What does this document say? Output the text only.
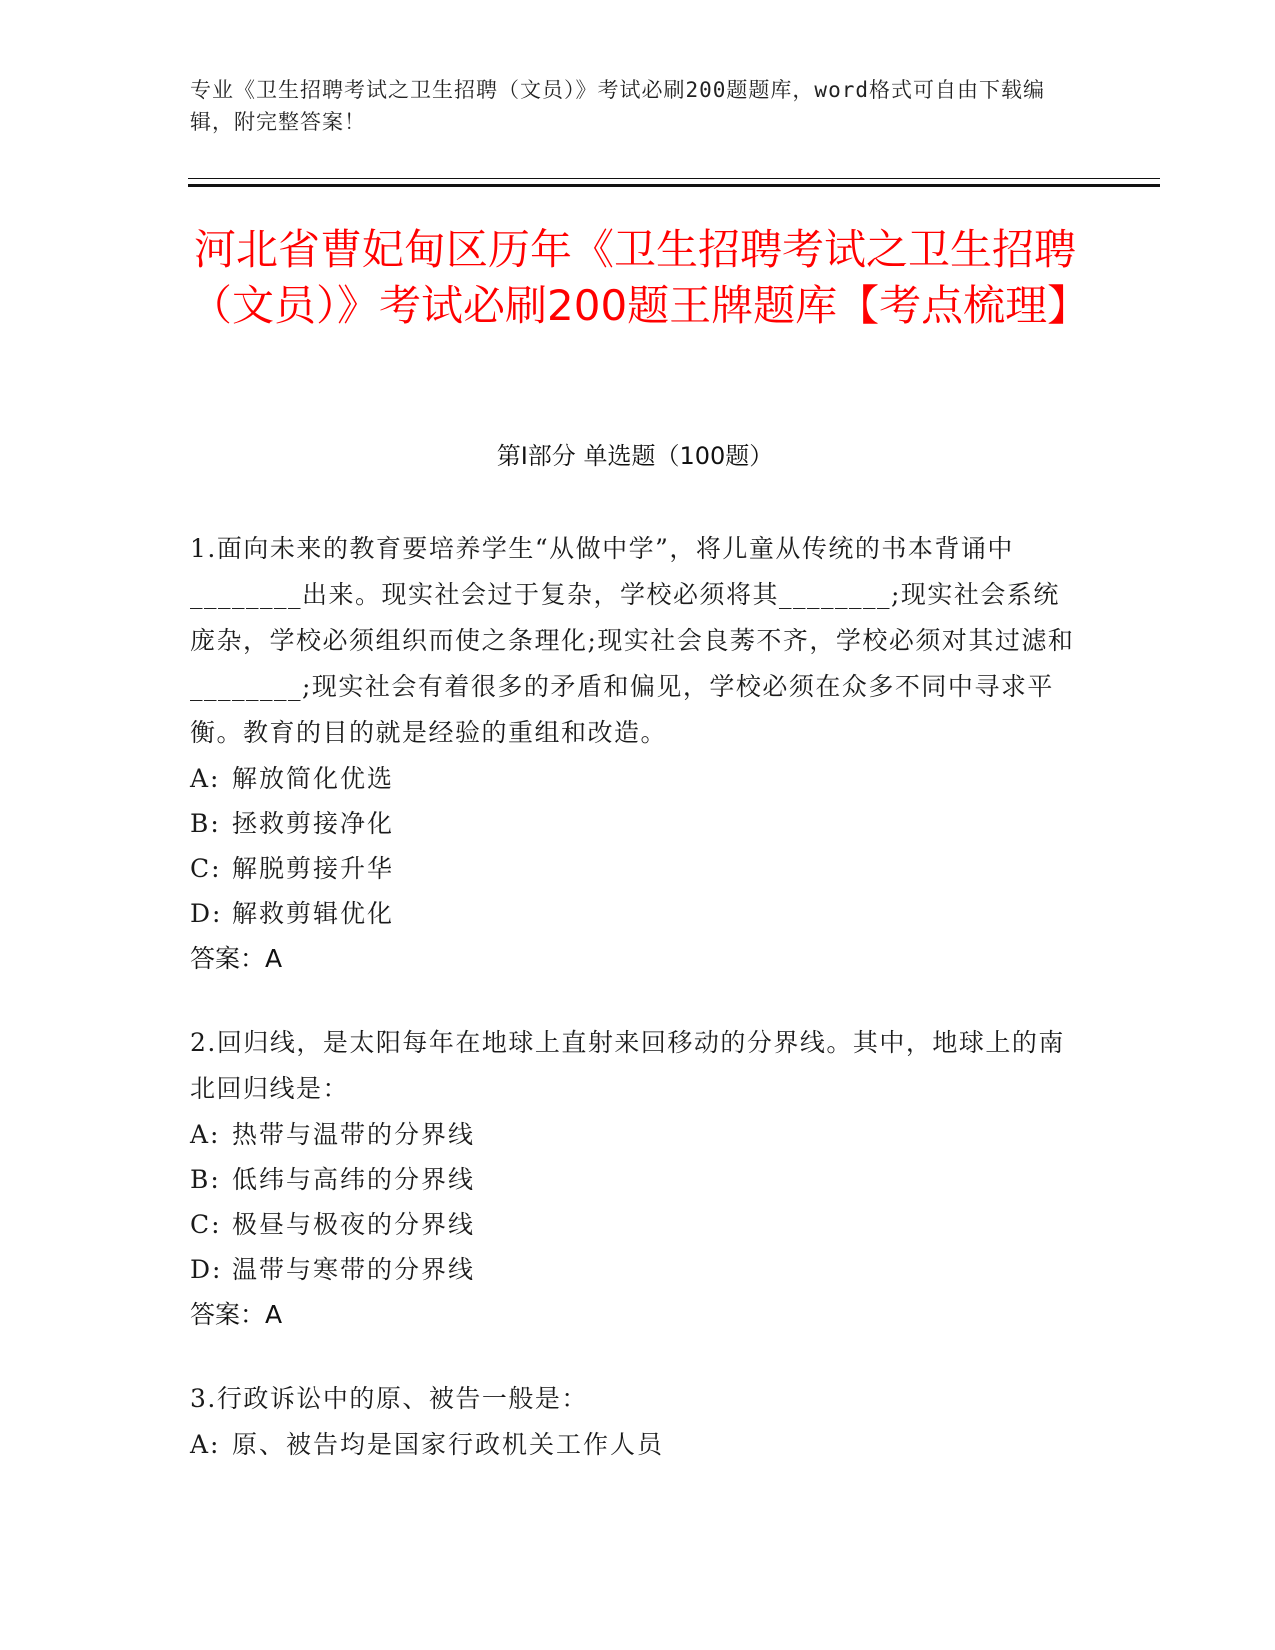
专业《卫生招聘考试之卫生招聘（文员）》考试必刷200题题库，word格式可自由下载编辑，附完整答案！
河北省曹妃甸区历年《卫生招聘考试之卫生招聘（文员）》考试必刷200题王牌题库【考点梳理】
第Ⅰ部分 单选题（100题）

1.面向未来的教育要培养学生“从做中学”，将儿童从传统的书本背诵中________出来。现实社会过于复杂，学校必须将其________;现实社会系统庞杂，学校必须组织而使之条理化;现实社会良莠不齐，学校必须对其过滤和________;现实社会有着很多的矛盾和偏见，学校必须在众多不同中寻求平衡。教育的目的就是经验的重组和改造。

A: 解放简化优选

B: 拯救剪接净化

C: 解脱剪接升华

D: 解救剪辑优化

答案：A

2.回归线，是太阳每年在地球上直射来回移动的分界线。其中，地球上的南北回归线是：

A: 热带与温带的分界线

B: 低纬与高纬的分界线

C: 极昼与极夜的分界线

D: 温带与寒带的分界线

答案：A

3.行政诉讼中的原、被告一般是：

A: 原、被告均是国家行政机关工作人员
